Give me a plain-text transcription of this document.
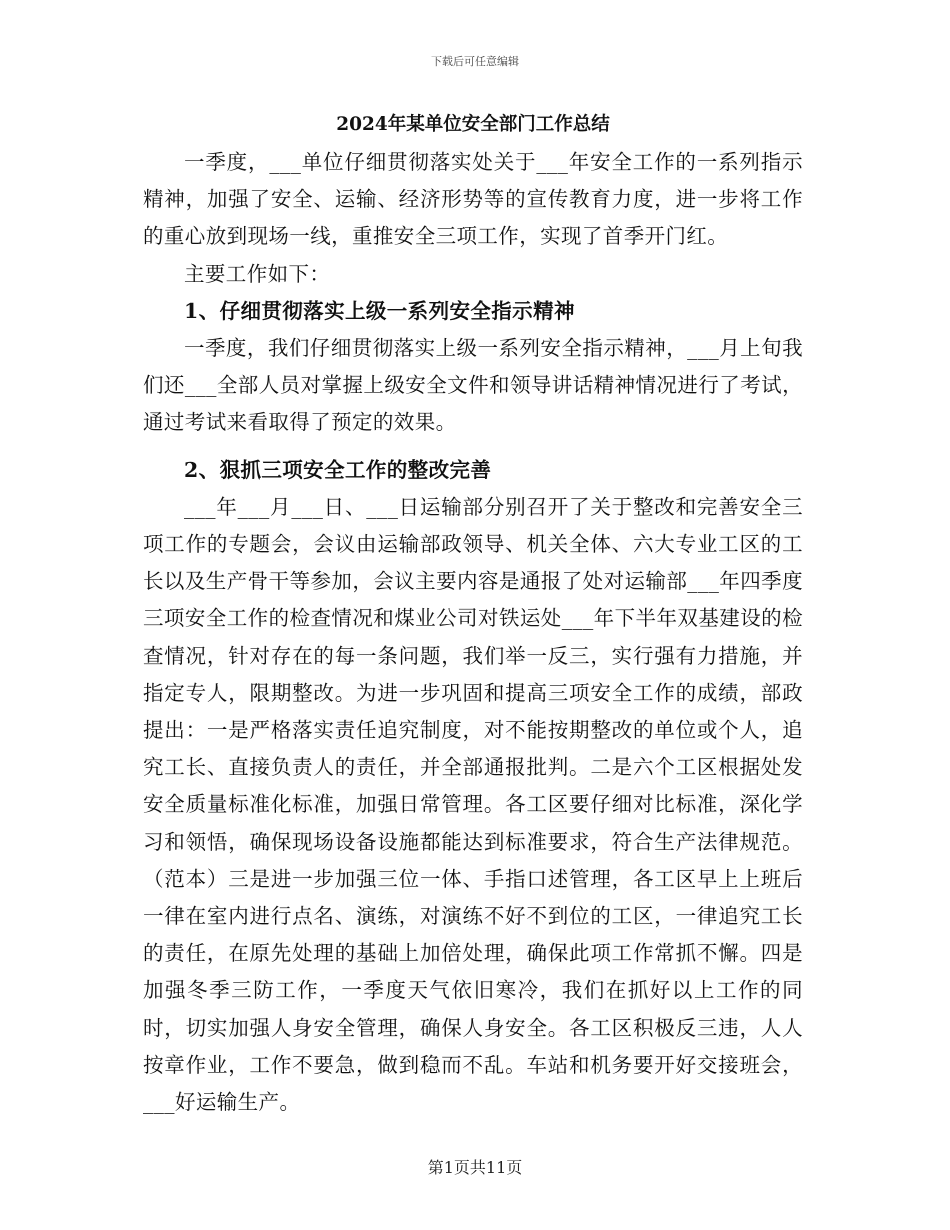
下载后可任意编辑
2024年某单位安全部门工作总结

一季度，___单位仔细贯彻落实处关于___年安全工作的一系列指示精神，加强了安全、运输、经济形势等的宣传教育力度，进一步将工作的重心放到现场一线，重推安全三项工作，实现了首季开门红。

主要工作如下：

1、仔细贯彻落实上级一系列安全指示精神

一季度，我们仔细贯彻落实上级一系列安全指示精神，___月上旬我们还___全部人员对掌握上级安全文件和领导讲话精神情况进行了考试，通过考试来看取得了预定的效果。

2、狠抓三项安全工作的整改完善

___年___月___日、___日运输部分别召开了关于整改和完善安全三项工作的专题会，会议由运输部政领导、机关全体、六大专业工区的工长以及生产骨干等参加，会议主要内容是通报了处对运输部___年四季度三项安全工作的检查情况和煤业公司对铁运处___年下半年双基建设的检查情况，针对存在的每一条问题，我们举一反三，实行强有力措施，并指定专人，限期整改。为进一步巩固和提高三项安全工作的成绩，部政提出：一是严格落实责任追究制度，对不能按期整改的单位或个人，追究工长、直接负责人的责任，并全部通报批判。二是六个工区根据处发安全质量标准化标准，加强日常管理。各工区要仔细对比标准，深化学习和领悟，确保现场设备设施都能达到标准要求，符合生产法律规范。（范本）三是进一步加强三位一体、手指口述管理，各工区早上上班后一律在室内进行点名、演练，对演练不好不到位的工区，一律追究工长的责任，在原先处理的基础上加倍处理，确保此项工作常抓不懈。四是加强冬季三防工作，一季度天气依旧寒冷，我们在抓好以上工作的同时，切实加强人身安全管理，确保人身安全。各工区积极反三违，人人按章作业，工作不要急，做到稳而不乱。车站和机务要开好交接班会，___好运输生产。

第1页共11页
